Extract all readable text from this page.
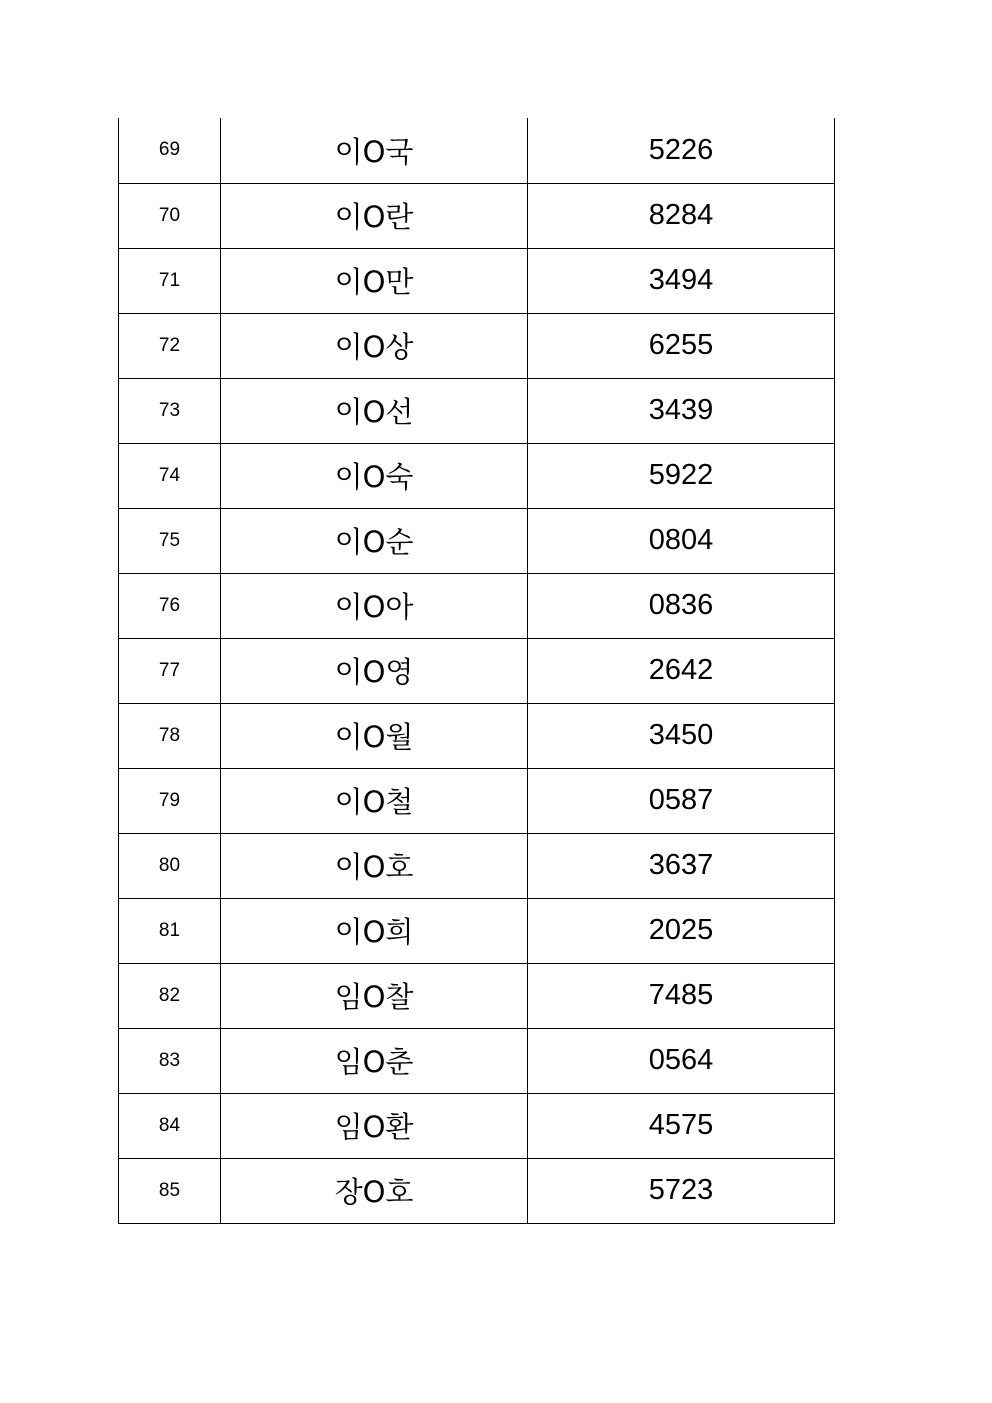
69	이O국	5226
70	이O란	8284
71	이O만	3494
72	이O상	6255
73	이O선	3439
74	이O숙	5922
75	이O순	0804
76	이O아	0836
77	이O영	2642
78	이O월	3450
79	이O철	0587
80	이O호	3637
81	이O희	2025
82	임O찰	7485
83	임O춘	0564
84	임O환	4575
85	장O호	5723
